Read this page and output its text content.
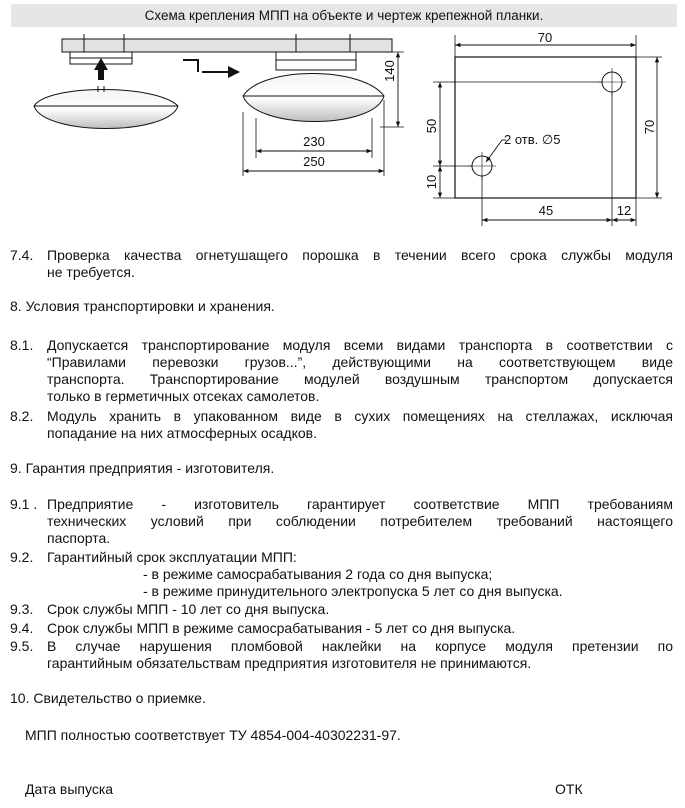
Схема крепления МПП на объекте и чертеж крепежной планки.
140
230
250
70
70
50
10
45	12
2 отв. ∅5
7.4. Проверка качества огнетушащего порошка в течении всего срока службы модуля
не требуется.
8. Условия транспортировки и хранения.
8.1. Допускается транспортирование модуля всеми видами транспорта в соответствии с
“Правилами перевозки грузов...”, действующими на соответствующем виде
транспорта. Транспортирование модулей воздушным транспортом допускается
только в герметичных отсеках самолетов.
8.2. Модуль хранить в упакованном виде в сухих помещениях на стеллажах, исключая
попадание на них атмосферных осадков.
9. Гарантия предприятия - изготовителя.
9.1 . Предприятие - изготовитель гарантирует соответствие МПП требованиям
технических условий при соблюдении потребителем требований настоящего
паспорта.
9.2. Гарантийный срок эксплуатации МПП:
- в режиме самосрабатывания 2 года со дня выпуска;
- в режиме принудительного электропуска 5 лет со дня выпуска.
9.3. Срок службы МПП - 10 лет со дня выпуска.
9.4. Срок службы МПП в режиме самосрабатывания - 5 лет со дня выпуска.
9.5. В случае нарушения пломбовой наклейки на корпусе модуля претензии по
гарантийным обязательствам предприятия изготовителя не принимаются.
10. Свидетельство о приемке.
МПП полностью соответствует ТУ 4854-004-40302231-97.
Дата выпуска	ОТК
